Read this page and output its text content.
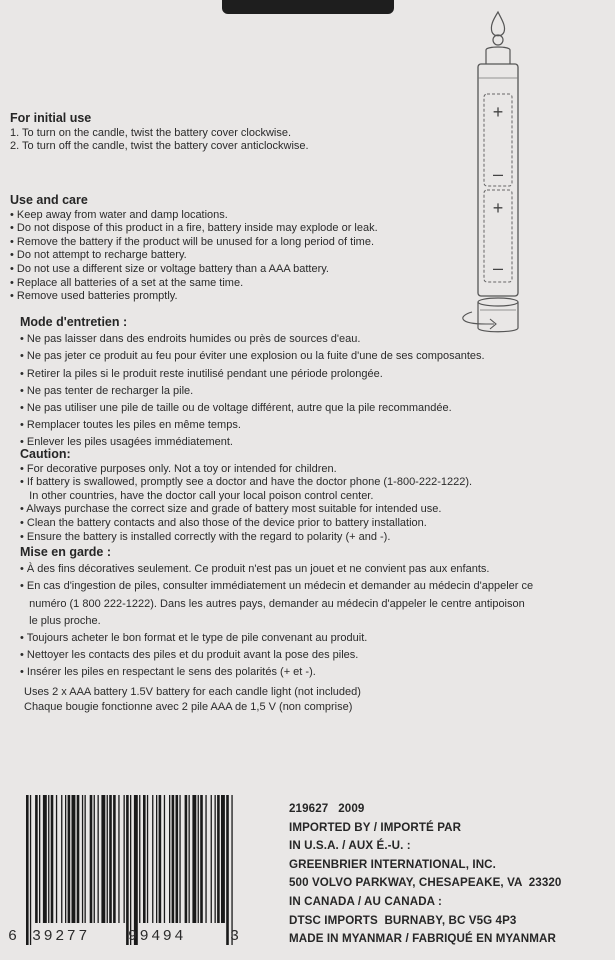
For initial use
1. To turn on the candle, twist the battery cover clockwise.
2. To turn off the candle, twist the battery cover anticlockwise.
Use and care
• Keep away from water and damp locations.
• Do not dispose of this product in a fire, battery inside may explode or leak.
• Remove the battery if the product will be unused for a long period of time.
• Do not attempt to recharge battery.
• Do not use a different size or voltage battery than a AAA battery.
• Replace all batteries of a set at the same time.
• Remove used batteries promptly.
Mode d'entretien :
• Ne pas laisser dans des endroits humides ou près de sources d'eau.
• Ne pas jeter ce produit au feu pour éviter une explosion ou la fuite d'une de ses composantes.
• Retirer la piles si le produit reste inutilisé pendant une période prolongée.
• Ne pas tenter de recharger la pile.
• Ne pas utiliser une pile de taille ou de voltage différent, autre que la pile recommandée.
• Remplacer toutes les piles en même temps.
• Enlever les piles usagées immédiatement.
Caution:
• For decorative purposes only. Not a toy or intended for children.
• If battery is swallowed, promptly see a doctor and have the doctor phone (1-800-222-1222).
In other countries, have the doctor call your local poison control center.
• Always purchase the correct size and grade of battery most suitable for intended use.
• Clean the battery contacts and also those of the device prior to battery installation.
• Ensure the battery is installed correctly with the regard to polarity (+ and -).
Mise en garde :
• À des fins décoratives seulement. Ce produit n'est pas un jouet et ne convient pas aux enfants.
• En cas d'ingestion de piles, consulter immédiatement un médecin et demander au médecin d'appeler ce
numéro (1 800 222-1222). Dans les autres pays, demander au médecin d'appeler le centre antipoison
le plus proche.
• Toujours acheter le bon format et le type de pile convenant au produit.
• Nettoyer les contacts des piles et du produit avant la pose des piles.
• Insérer les piles en respectant le sens des polarités (+ et -).
Uses 2 x AAA battery 1.5V battery for each candle light (not included)
Chaque bougie fonctionne avec 2 pile AAA de 1,5 V (non comprise)
6 39277	99494	3
219627   2009
IMPORTED BY / IMPORTÉ PAR
IN U.S.A. / AUX É.-U. :
GREENBRIER INTERNATIONAL, INC.
500 VOLVO PARKWAY, CHESAPEAKE, VA  23320
IN CANADA / AU CANADA :
DTSC IMPORTS  BURNABY, BC V5G 4P3
MADE IN MYANMAR / FABRIQUÉ EN MYANMAR
+
–
+
–
